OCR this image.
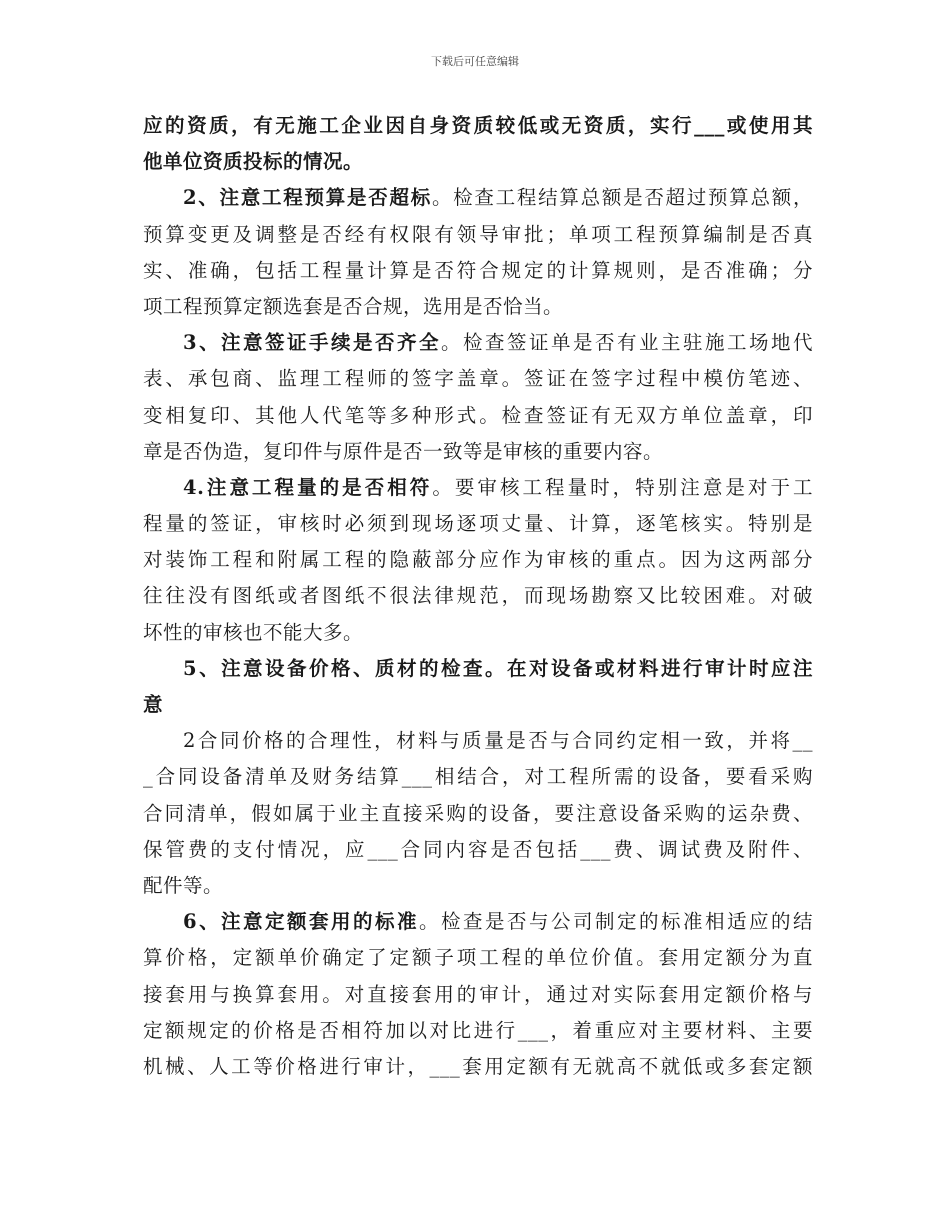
下载后可任意编辑
应的资质，有无施工企业因自身资质较低或无资质，实行___或使用其
他单位资质投标的情况。
2、注意工程预算是否超标。检查工程结算总额是否超过预算总额，
预算变更及调整是否经有权限有领导审批；单项工程预算编制是否真
实、准确，包括工程量计算是否符合规定的计算规则，是否准确；分
项工程预算定额选套是否合规，选用是否恰当。
3、注意签证手续是否齐全。检查签证单是否有业主驻施工场地代
表、承包商、监理工程师的签字盖章。签证在签字过程中模仿笔迹、
变相复印、其他人代笔等多种形式。检查签证有无双方单位盖章，印
章是否伪造，复印件与原件是否一致等是审核的重要内容。
4.注意工程量的是否相符。要审核工程量时，特别注意是对于工
程量的签证，审核时必须到现场逐项丈量、计算，逐笔核实。特别是
对装饰工程和附属工程的隐蔽部分应作为审核的重点。因为这两部分
往往没有图纸或者图纸不很法律规范，而现场勘察又比较困难。对破
坏性的审核也不能大多。
5、注意设备价格、质材的检查。在对设备或材料进行审计时应注
意
2合同价格的合理性，材料与质量是否与合同约定相一致，并将__
_合同设备清单及财务结算___相结合，对工程所需的设备，要看采购
合同清单，假如属于业主直接采购的设备，要注意设备采购的运杂费、
保管费的支付情况，应___合同内容是否包括___费、调试费及附件、
配件等。
6、注意定额套用的标准。检查是否与公司制定的标准相适应的结
算价格，定额单价确定了定额子项工程的单位价值。套用定额分为直
接套用与换算套用。对直接套用的审计，通过对实际套用定额价格与
定额规定的价格是否相符加以对比进行___，着重应对主要材料、主要
机械、人工等价格进行审计，___套用定额有无就高不就低或多套定额
